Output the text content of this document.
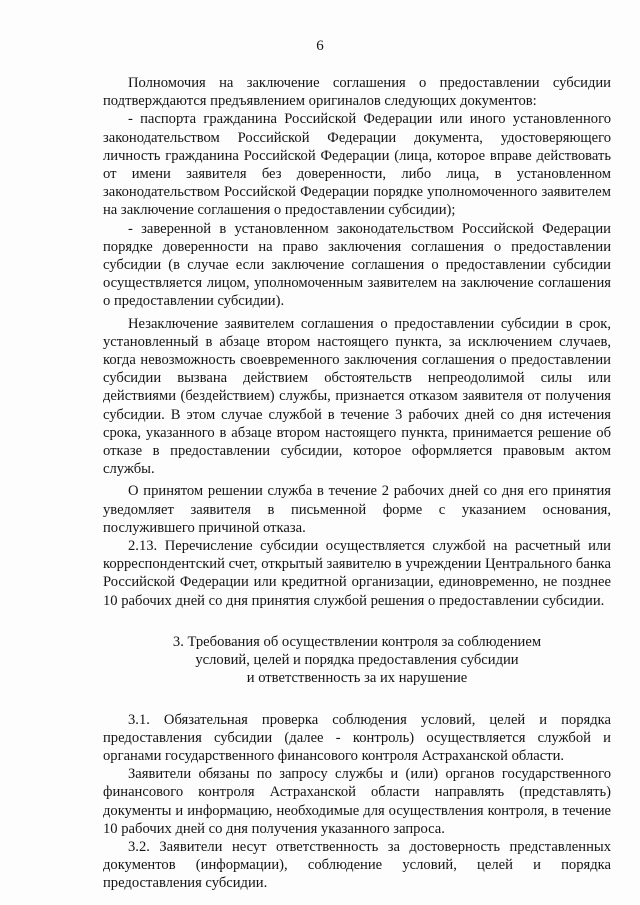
6

Полномочия на заключение соглашения о предоставлении субсидии подтверждаются предъявлением оригиналов следующих документов:

- паспорта гражданина Российской Федерации или иного установленного законодательством Российской Федерации документа, удостоверяющего личность гражданина Российской Федерации (лица, которое вправе действовать от имени заявителя без доверенности, либо лица, в установленном законодательством Российской Федерации порядке уполномоченного заявителем на заключение соглашения о предоставлении субсидии);

- заверенной в установленном законодательством Российской Федерации порядке доверенности на право заключения соглашения о предоставлении субсидии (в случае если заключение соглашения о предоставлении субсидии осуществляется лицом, уполномоченным заявителем на заключение соглашения о предоставлении субсидии).

Незаключение заявителем соглашения о предоставлении субсидии в срок, установленный в абзаце втором настоящего пункта, за исключением случаев, когда невозможность своевременного заключения соглашения о предоставлении субсидии вызвана действием обстоятельств непреодолимой силы или действиями (бездействием) службы, признается отказом заявителя от получения субсидии. В этом случае службой в течение 3 рабочих дней со дня истечения срока, указанного в абзаце втором настоящего пункта, принимается решение об отказе в предоставлении субсидии, которое оформляется правовым актом службы.

О принятом решении служба в течение 2 рабочих дней со дня его принятия уведомляет заявителя в письменной форме с указанием основания, послужившего причиной отказа.

2.13. Перечисление субсидии осуществляется службой на расчетный или корреспондентский счет, открытый заявителю в учреждении Центрального банка Российской Федерации или кредитной организации, единовременно, не позднее 10 рабочих дней со дня принятия службой решения о предоставлении субсидии.

3. Требования об осуществлении контроля за соблюдением
условий, целей и порядка предоставления субсидии
и ответственность за их нарушение

3.1. Обязательная проверка соблюдения условий, целей и порядка предоставления субсидии (далее - контроль) осуществляется службой и органами государственного финансового контроля Астраханской области.

Заявители обязаны по запросу службы и (или) органов государственного финансового контроля Астраханской области направлять (представлять) документы и информацию, необходимые для осуществления контроля, в течение 10 рабочих дней со дня получения указанного запроса.

3.2. Заявители несут ответственность за достоверность представленных документов (информации), соблюдение условий, целей и порядка предоставления субсидии.
